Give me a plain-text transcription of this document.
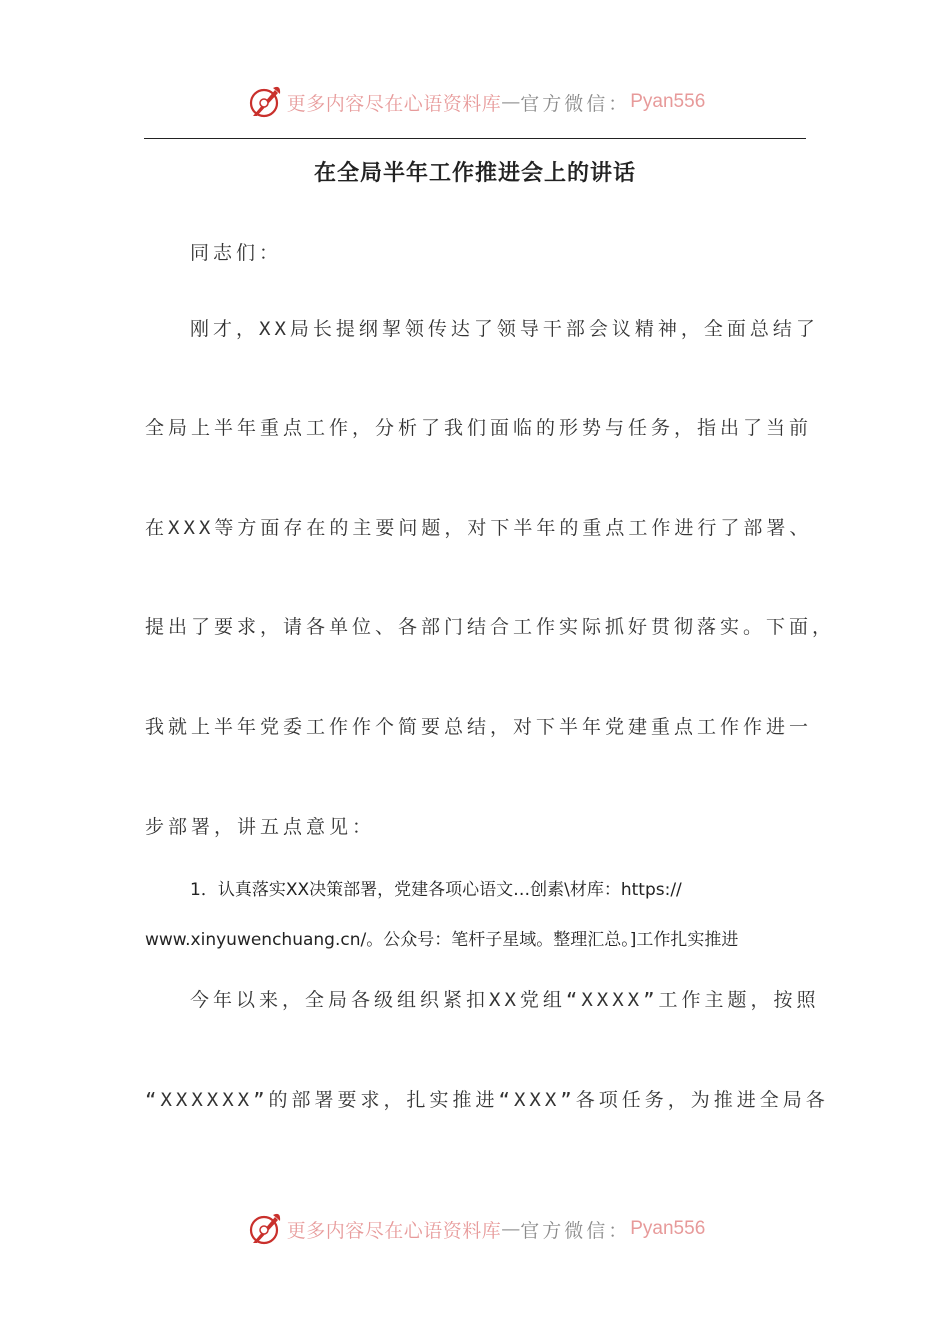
更多内容尽在心语资料库 — 官方微信： Pyan556
在全局半年工作推进会上的讲话
同志们：
刚才，XX局长提纲挈领传达了领导干部会议精神，全面总结了
全局上半年重点工作，分析了我们面临的形势与任务，指出了当前
在XXX等方面存在的主要问题，对下半年的重点工作进行了部署、
提出了要求，请各单位、各部门结合工作实际抓好贯彻落实。下面，
我就上半年党委工作作个简要总结，对下半年党建重点工作作进一
步部署，讲五点意见：
1．认真落实XX决策部署，党建各项心语文…创素\材库：https://
www.xinyuwenchuang.cn/。公众号：笔杆子星域。整理汇总。]工作扎实推进
今年以来，全局各级组织紧扣XX党组“XXXX”工作主题，按照
“XXXXXX”的部署要求，扎实推进“XXX”各项任务，为推进全局各
更多内容尽在心语资料库 — 官方微信： Pyan556
